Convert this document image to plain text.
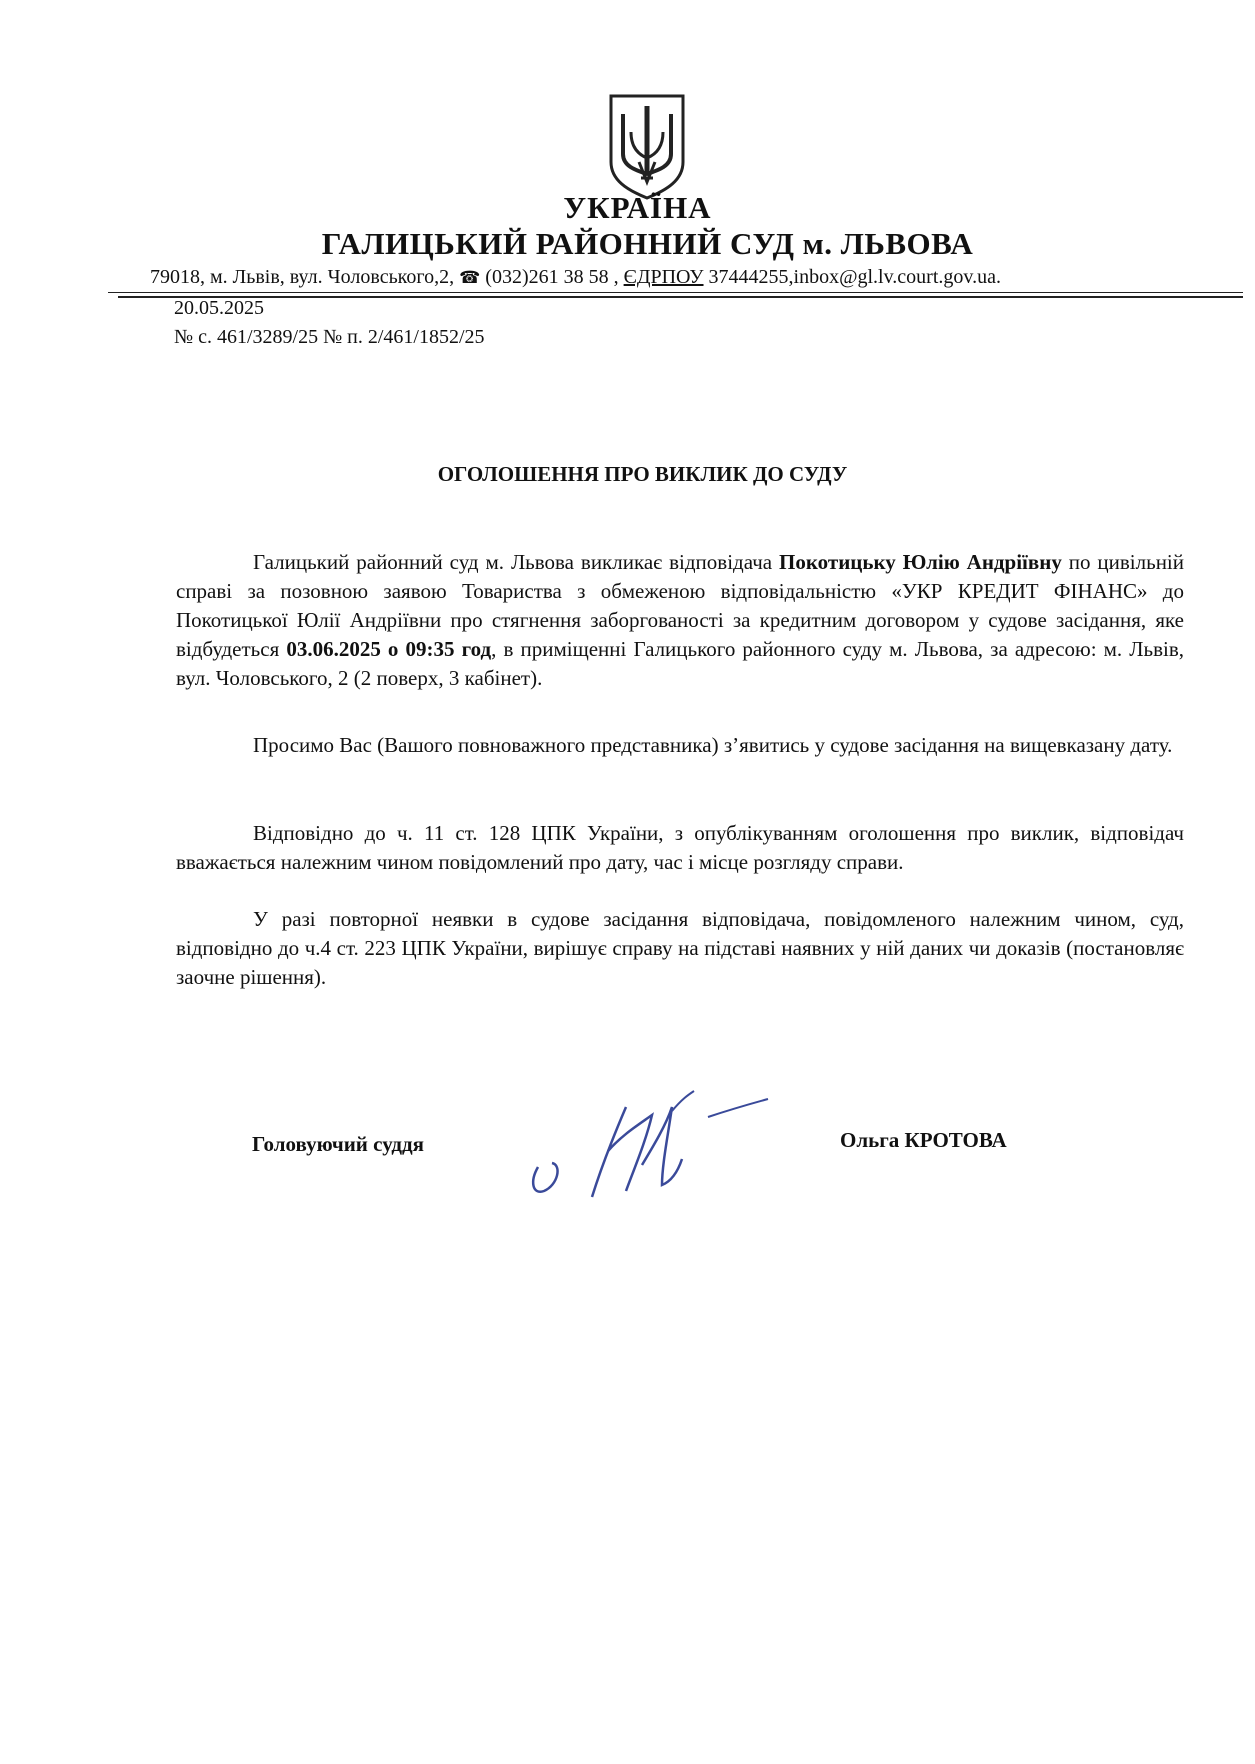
УКРАЇНА
ГАЛИЦЬКИЙ РАЙОННИЙ СУД м. ЛЬВОВА
79018, м. Львів, вул. Чоловського,2, ☎ (032)261 38 58 , ЄДРПОУ 37444255,inbox@gl.lv.court.gov.ua.
20.05.2025
№ с. 461/3289/25 № п. 2/461/1852/25
ОГОЛОШЕННЯ ПРО ВИКЛИК ДО СУДУ

Галицький районний суд м. Львова викликає відповідача Покотицьку Юлію Андріївну по цивільній справі за позовною заявою Товариства з обмеженою відповідальністю «УКР КРЕДИТ ФІНАНС» до Покотицької Юлії Андріївни про стягнення заборгованості за кредитним договором у судове засідання, яке відбудеться 03.06.2025 о 09:35 год, в приміщенні Галицького районного суду м. Львова, за адресою: м. Львів, вул. Чоловського, 2 (2 поверх, 3 кабінет).

Просимо Вас (Вашого повноважного представника) з’явитись у судове засідання на вищевказану дату.

Відповідно до ч. 11 ст. 128 ЦПК України, з опублікуванням оголошення про виклик, відповідач вважається належним чином повідомлений про дату, час і місце розгляду справи.

У разі повторної неявки в судове засідання відповідача, повідомленого належним чином, суд, відповідно до ч.4 ст. 223 ЦПК України, вирішує справу на підставі наявних у ній даних чи доказів (постановляє заочне рішення).

Головуючий суддя	Ольга КРОТОВА
